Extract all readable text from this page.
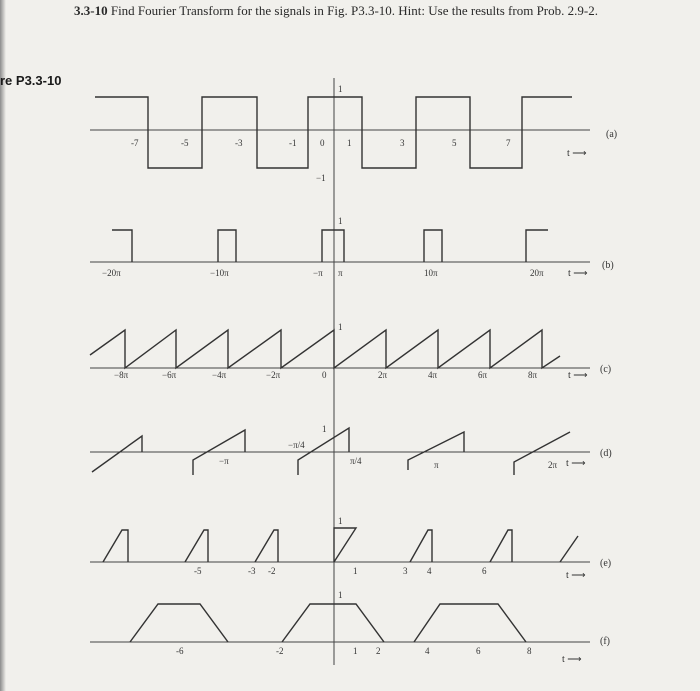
3.3-10 Find Fourier Transform for the signals in Fig. P3.3-10. Hint: Use the results from Prob. 2.9-2.
re P3.3-10
1
−1
-7	-5	-3	-1	0	1	3	5	7
t ⟶
(a)
1
−20π	−10π	−π π	10π	20π t ⟶
(b)
1
−8π	−6π	−4π	−2π	0	2π	4π	6π	8π	t ⟶
(c)
1
−π
−π/4
π/4	π	2π t ⟶
(d)
1
-5	-3 -2	1	3 4	6	t ⟶
(e)
1
-6	-2	1 2	4	6	8
t ⟶
(f)
